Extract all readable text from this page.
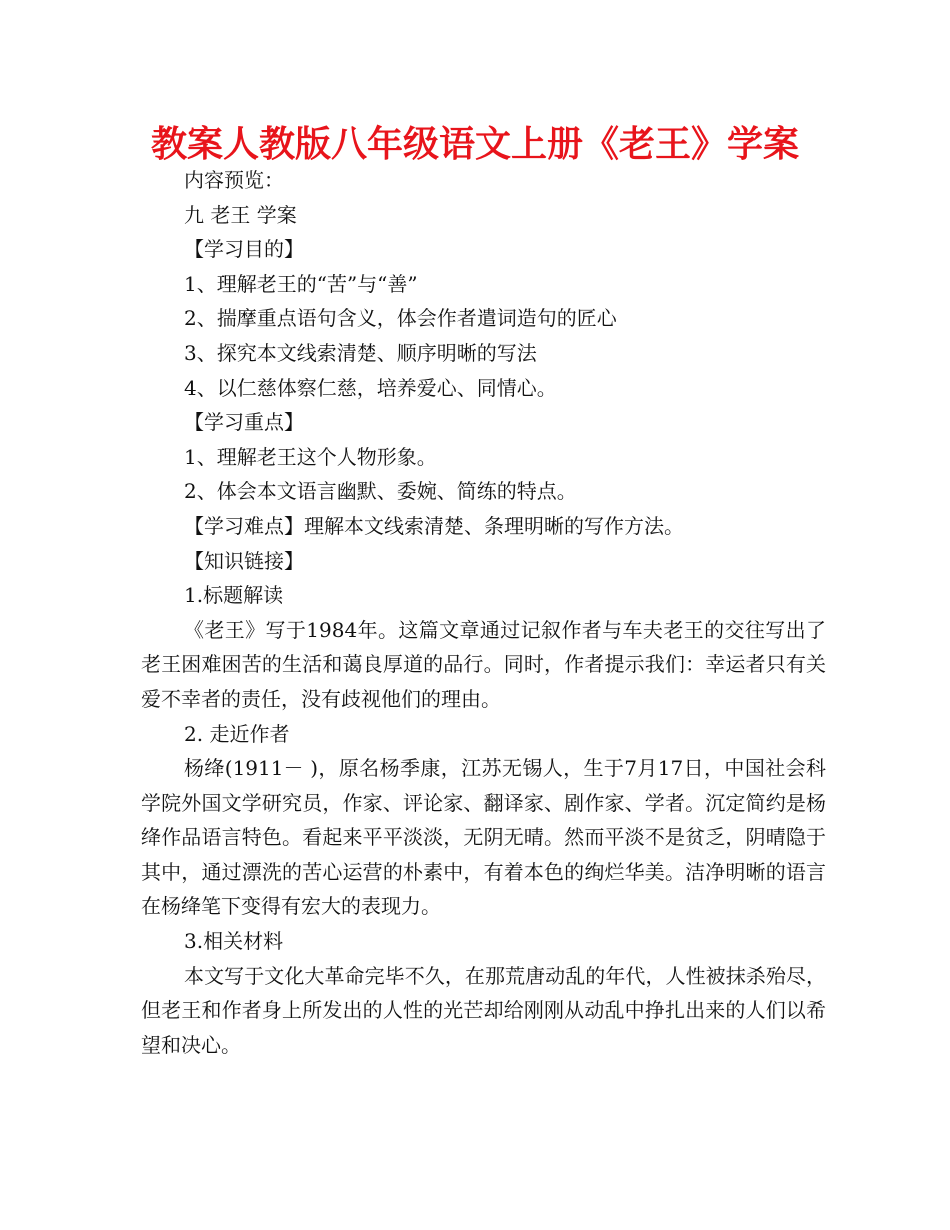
教案人教版八年级语文上册《老王》学案
内容预览：
九 老王 学案
【学习目的】
1、理解老王的“苦”与“善”
2、揣摩重点语句含义，体会作者遣词造句的匠心
3、探究本文线索清楚、顺序明晰的写法
4、以仁慈体察仁慈，培养爱心、同情心。
【学习重点】
1、理解老王这个人物形象。
2、体会本文语言幽默、委婉、简练的特点。
【学习难点】理解本文线索清楚、条理明晰的写作方法。
【知识链接】
1.标题解读
《老王》写于1984年。这篇文章通过记叙作者与车夫老王的交往写出了老王困难困苦的生活和蔼良厚道的品行。同时，作者提示我们：幸运者只有关爱不幸者的责任，没有歧视他们的理由。
2. 走近作者
杨绛(1911－ )，原名杨季康，江苏无锡人，生于7月17日，中国社会科学院外国文学研究员，作家、评论家、翻译家、剧作家、学者。沉定简约是杨绛作品语言特色。看起来平平淡淡，无阴无晴。然而平淡不是贫乏，阴晴隐于其中，通过漂洗的苦心运营的朴素中，有着本色的绚烂华美。洁净明晰的语言在杨绛笔下变得有宏大的表现力。
3.相关材料
本文写于文化大革命完毕不久，在那荒唐动乱的年代，人性被抹杀殆尽，但老王和作者身上所发出的人性的光芒却给刚刚从动乱中挣扎出来的人们以希望和决心。
